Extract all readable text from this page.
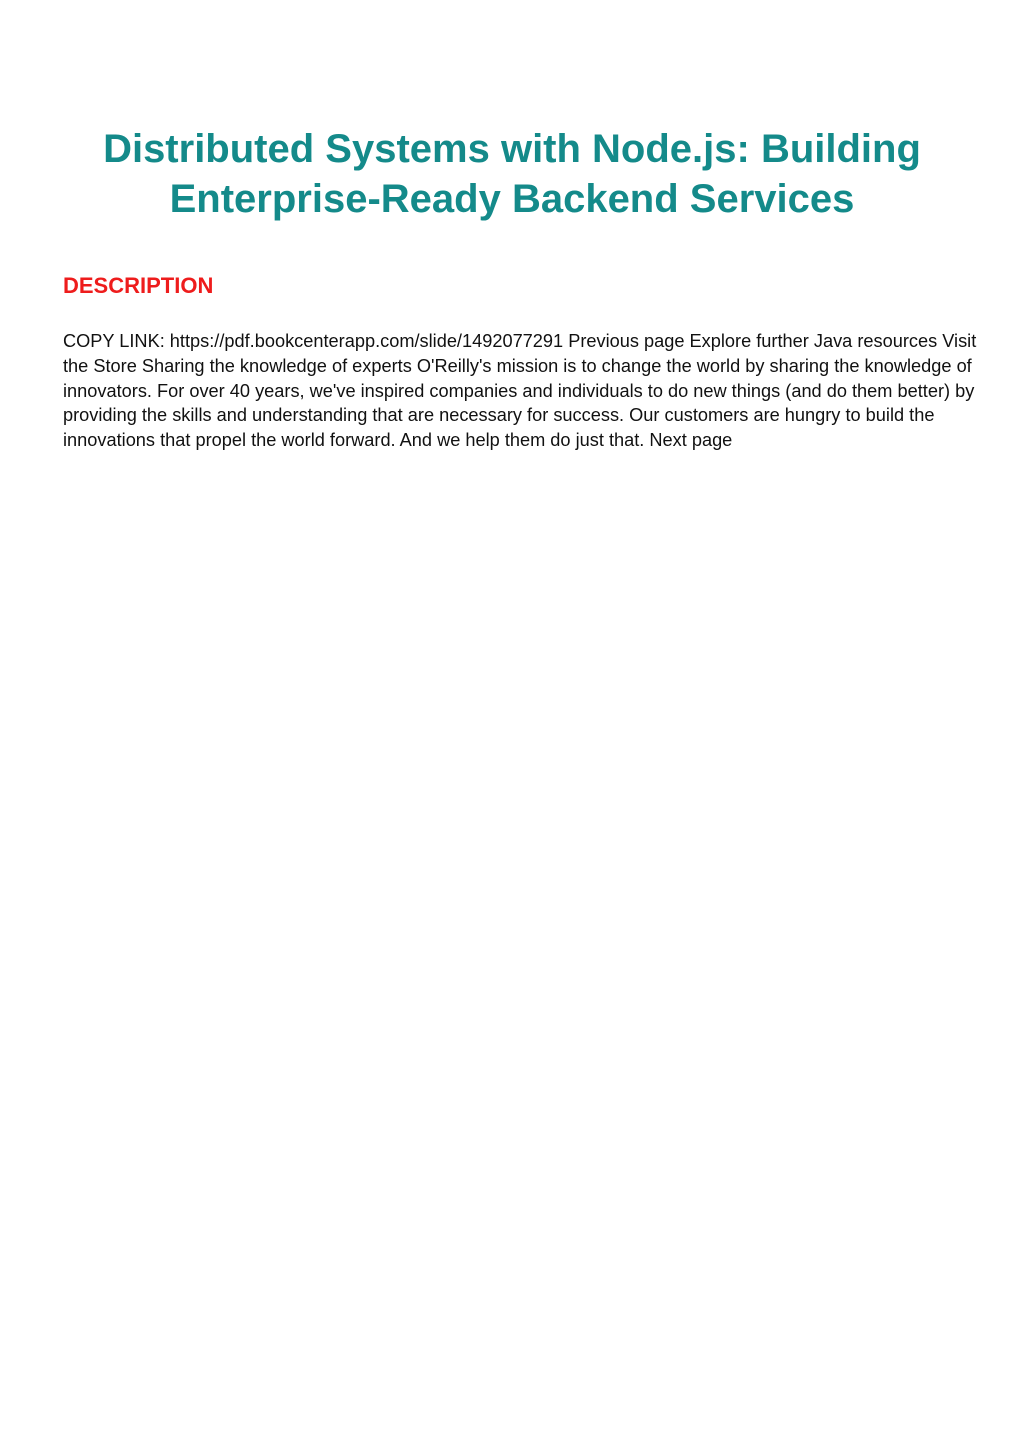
Distributed Systems with Node.js: Building Enterprise-Ready Backend Services
DESCRIPTION

COPY LINK: https://pdf.bookcenterapp.com/slide/1492077291 Previous page Explore further Java resources Visit the Store Sharing the knowledge of experts O'Reilly's mission is to change the world by sharing the knowledge of innovators. For over 40 years, we've inspired companies and individuals to do new things (and do them better) by providing the skills and understanding that are necessary for success. Our customers are hungry to build the innovations that propel the world forward. And we help them do just that. Next page
